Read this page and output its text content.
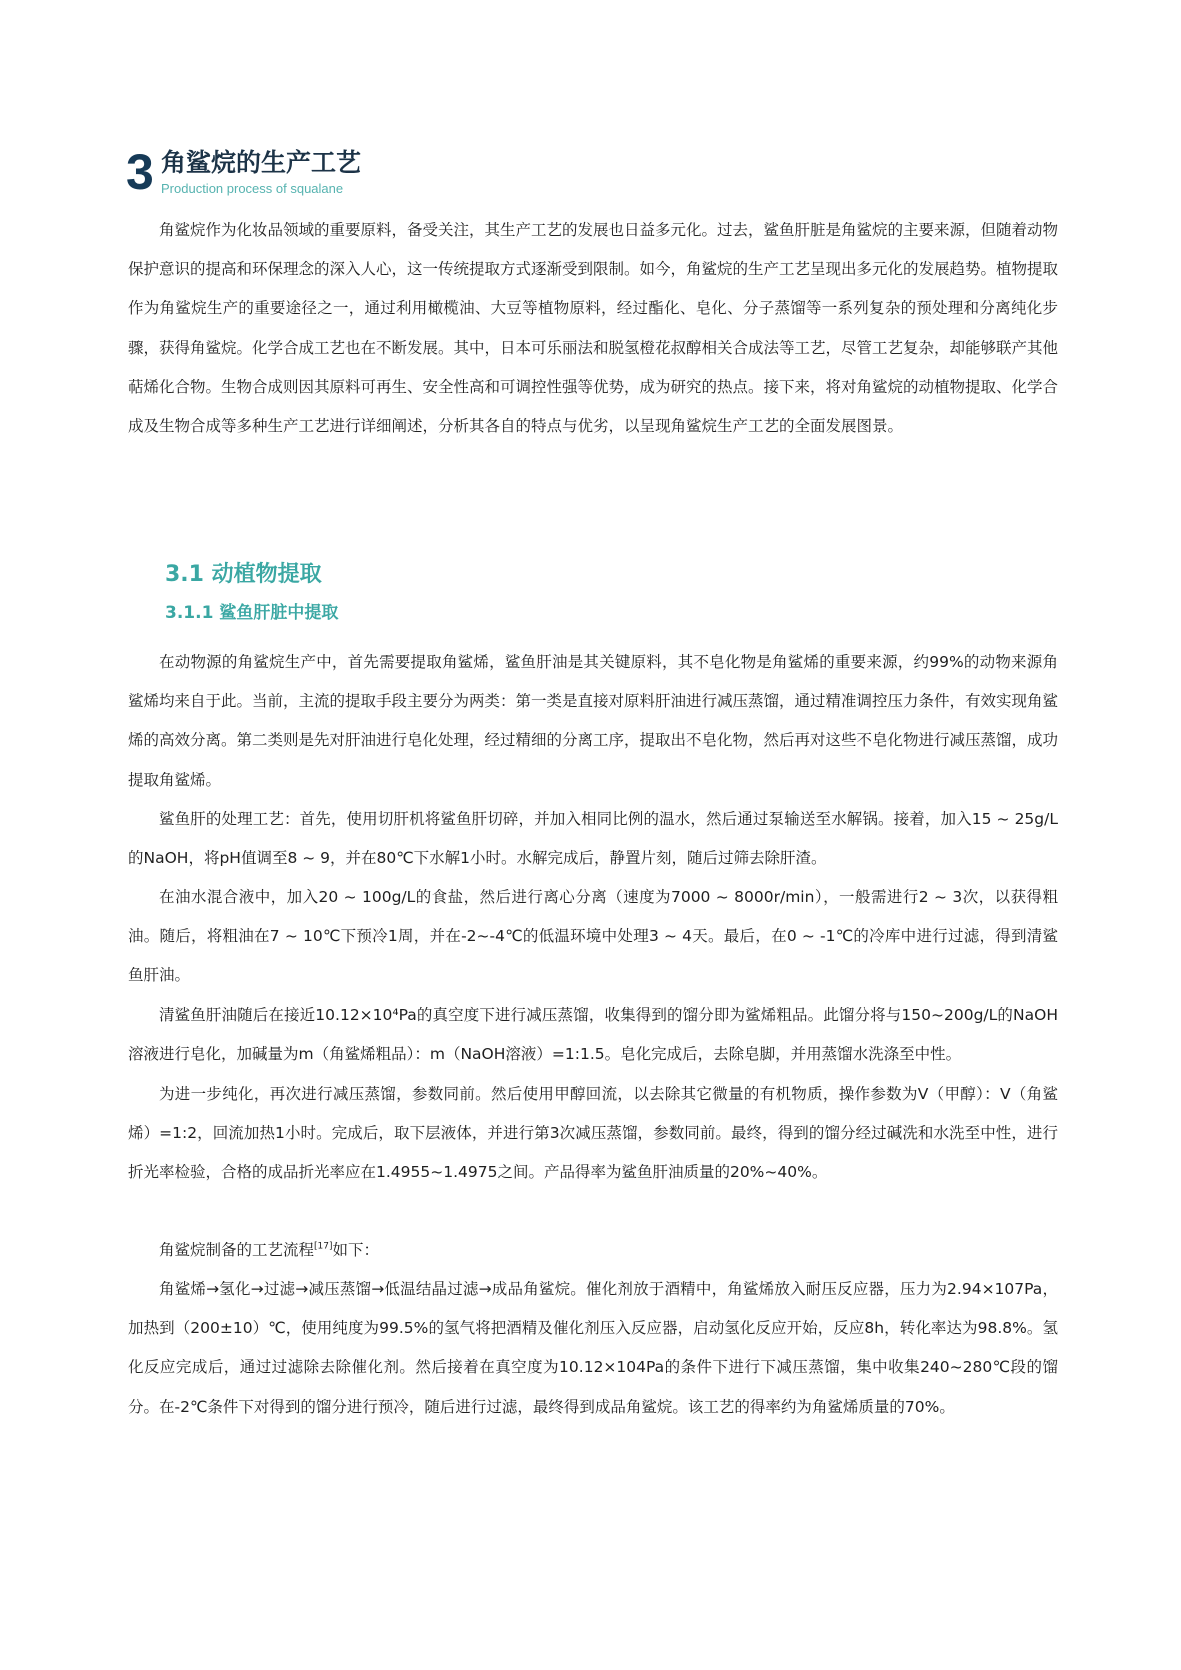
3 角鲨烷的生产工艺
Production process of squalane

角鲨烷作为化妆品领域的重要原料，备受关注，其生产工艺的发展也日益多元化。过去，鲨鱼肝脏是角鲨烷的主要来源，但随着动物保护意识的提高和环保理念的深入人心，这一传统提取方式逐渐受到限制。如今，角鲨烷的生产工艺呈现出多元化的发展趋势。植物提取作为角鲨烷生产的重要途径之一，通过利用橄榄油、大豆等植物原料，经过酯化、皂化、分子蒸馏等一系列复杂的预处理和分离纯化步骤，获得角鲨烷。化学合成工艺也在不断发展。其中，日本可乐丽法和脱氢橙花叔醇相关合成法等工艺，尽管工艺复杂，却能够联产其他萜烯化合物。生物合成则因其原料可再生、安全性高和可调控性强等优势，成为研究的热点。接下来，将对角鲨烷的动植物提取、化学合成及生物合成等多种生产工艺进行详细阐述，分析其各自的特点与优劣，以呈现角鲨烷生产工艺的全面发展图景。

3.1 动植物提取
3.1.1 鲨鱼肝脏中提取

在动物源的角鲨烷生产中，首先需要提取角鲨烯，鲨鱼肝油是其关键原料，其不皂化物是角鲨烯的重要来源，约99%的动物来源角鲨烯均来自于此。当前，主流的提取手段主要分为两类：第一类是直接对原料肝油进行减压蒸馏，通过精准调控压力条件，有效实现角鲨烯的高效分离。第二类则是先对肝油进行皂化处理，经过精细的分离工序，提取出不皂化物，然后再对这些不皂化物进行减压蒸馏，成功提取角鲨烯。

鲨鱼肝的处理工艺：首先，使用切肝机将鲨鱼肝切碎，并加入相同比例的温水，然后通过泵输送至水解锅。接着，加入15 ~ 25g/L的NaOH，将pH值调至8 ~ 9，并在80℃下水解1小时。水解完成后，静置片刻，随后过筛去除肝渣。

在油水混合液中，加入20 ~ 100g/L的食盐，然后进行离心分离（速度为7000 ~ 8000r/min），一般需进行2 ~ 3次，以获得粗油。随后，将粗油在7 ~ 10℃下预冷1周，并在-2~-4℃的低温环境中处理3 ~ 4天。最后，在0 ~ -1℃的冷库中进行过滤，得到清鲨鱼肝油。

清鲨鱼肝油随后在接近10.12×10⁴Pa的真空度下进行减压蒸馏，收集得到的馏分即为鲨烯粗品。此馏分将与150~200g/L的NaOH溶液进行皂化，加碱量为m（角鲨烯粗品）：m（NaOH溶液）=1:1.5。皂化完成后，去除皂脚，并用蒸馏水洗涤至中性。

为进一步纯化，再次进行减压蒸馏，参数同前。然后使用甲醇回流，以去除其它微量的有机物质，操作参数为V（甲醇）：V（角鲨烯）=1:2，回流加热1小时。完成后，取下层液体，并进行第3次减压蒸馏，参数同前。最终，得到的馏分经过碱洗和水洗至中性，进行折光率检验，合格的成品折光率应在1.4955~1.4975之间。产品得率为鲨鱼肝油质量的20%~40%。

角鲨烷制备的工艺流程[17]如下：

角鲨烯→氢化→过滤→减压蒸馏→低温结晶过滤→成品角鲨烷。催化剂放于酒精中，角鲨烯放入耐压反应器，压力为2.94×107Pa，加热到（200±10）℃，使用纯度为99.5%的氢气将把酒精及催化剂压入反应器，启动氢化反应开始，反应8h，转化率达为98.8%。氢化反应完成后，通过过滤除去除催化剂。然后接着在真空度为10.12×104Pa的条件下进行下减压蒸馏，集中收集240~280℃段的馏分。在-2℃条件下对得到的馏分进行预冷，随后进行过滤，最终得到成品角鲨烷。该工艺的得率约为角鲨烯质量的70%。
